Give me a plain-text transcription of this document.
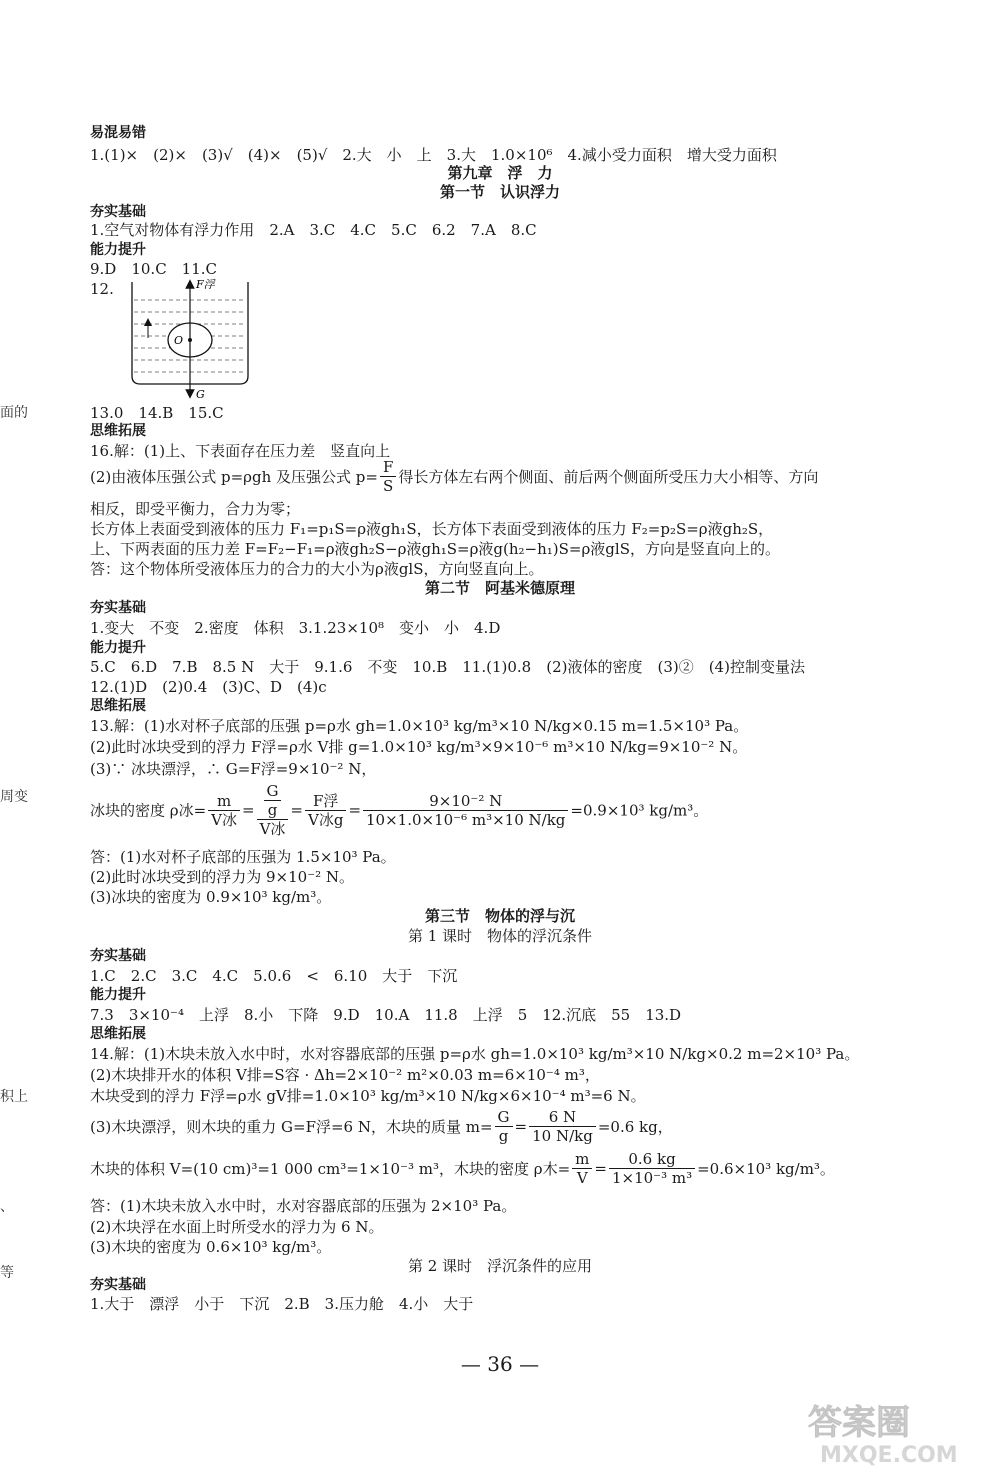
易混易错
1.(1)×　(2)×　(3)√　(4)×　(5)√　2.大　小　上　3.大　1.0×10⁶　4.减小受力面积　增大受力面积
夯实基础
1.空气对物体有浮力作用　2.A　3.C　4.C　5.C　6.2　7.A　8.C
能力提升
9.D　10.C　11.C
12.
13.0　14.B　15.C
思维拓展
16.解：(1)上、下表面存在压力差　竖直向上
相反，即受平衡力，合力为零；
长方体上表面受到液体的压力 F₁=p₁S=ρ液gh₁S，长方体下表面受到液体的压力 F₂=p₂S=ρ液gh₂S，
上、下两表面的压力差 F=F₂−F₁=ρ液gh₂S−ρ液gh₁S=ρ液g(h₂−h₁)S=ρ液glS，方向是竖直向上的。
答：这个物体所受液体压力的合力的大小为ρ液glS，方向竖直向上。
夯实基础
1.变大　不变　2.密度　体积　3.1.23×10⁸　变小　小　4.D
能力提升
5.C　6.D　7.B　8.5 N　大于　9.1.6　不变　10.B　11.(1)0.8　(2)液体的密度　(3)②　(4)控制变量法
12.(1)D　(2)0.4　(3)C、D　(4)c
思维拓展
13.解：(1)水对杯子底部的压强 p=ρ水 gh=1.0×10³ kg/m³×10 N/kg×0.15 m=1.5×10³ Pa。
(2)此时冰块受到的浮力 F浮=ρ水 V排 g=1.0×10³ kg/m³×9×10⁻⁶ m³×10 N/kg=9×10⁻² N。
(3)∵ 冰块漂浮，∴ G=F浮=9×10⁻² N，
答：(1)水对杯子底部的压强为 1.5×10³ Pa。
(2)此时冰块受到的浮力为 9×10⁻² N。
(3)冰块的密度为 0.9×10³ kg/m³。
夯实基础
1.C　2.C　3.C　4.C　5.0.6　<　6.10　大于　下沉
能力提升
7.3　3×10⁻⁴　上浮　8.小　下降　9.D　10.A　11.8　上浮　5　12.沉底　55　13.D
思维拓展
14.解：(1)木块未放入水中时，水对容器底部的压强 p=ρ水 gh=1.0×10³ kg/m³×10 N/kg×0.2 m=2×10³ Pa。
(2)木块排开水的体积 V排=S容 · Δh=2×10⁻² m²×0.03 m=6×10⁻⁴ m³，
木块受到的浮力 F浮=ρ水 gV排=1.0×10³ kg/m³×10 N/kg×6×10⁻⁴ m³=6 N。
答：(1)木块未放入水中时，水对容器底部的压强为 2×10³ Pa。
(2)木块浮在水面上时所受水的浮力为 6 N。
(3)木块的密度为 0.6×10³ kg/m³。
夯实基础
1.大于　漂浮　小于　下沉　2.B　3.压力舱　4.小　大于
第九章　浮　力
第一节　认识浮力
第二节　阿基米德原理
第三节　物体的浮与沉
第 1 课时　物体的浮沉条件
第 2 课时　浮沉条件的应用
F浮
G
O
(2)由液体压强公式 p=ρgh 及压强公式 $p= \frac{F}{S}$ 得长方体左右两个侧面、前后两个侧面所受压力大小相等、方向
冰块的密度 ρ冰= $\frac{m}{\text{V冰}} = \frac{\frac{G}{g}}{\text{V冰}} = \frac{\text{F浮}}{\text{V冰g}} = \frac{\text{9×10⁻² N}}{\text{10×1.0×10⁻⁶ m³×10 N/kg}} =0.9\times 10^3$ kg/m³。
(3)木块漂浮，则木块的重力 G=F浮=6 N，木块的质量 $m= \frac{G}{g} = \frac{6 N}{10 N/kg} =0.6$ kg，
木块的体积 V=(10 cm)³=1 000 cm³=1×10⁻³ m³，木块的密度 ρ木= $\frac{m}{V} = \frac{0.6 kg}{\text{1×10⁻³ m³}} =0.6\times 10^3$ kg/m³。
面的
周变
积上
、
等
— 36 —
答案圈
MXQE.COM
